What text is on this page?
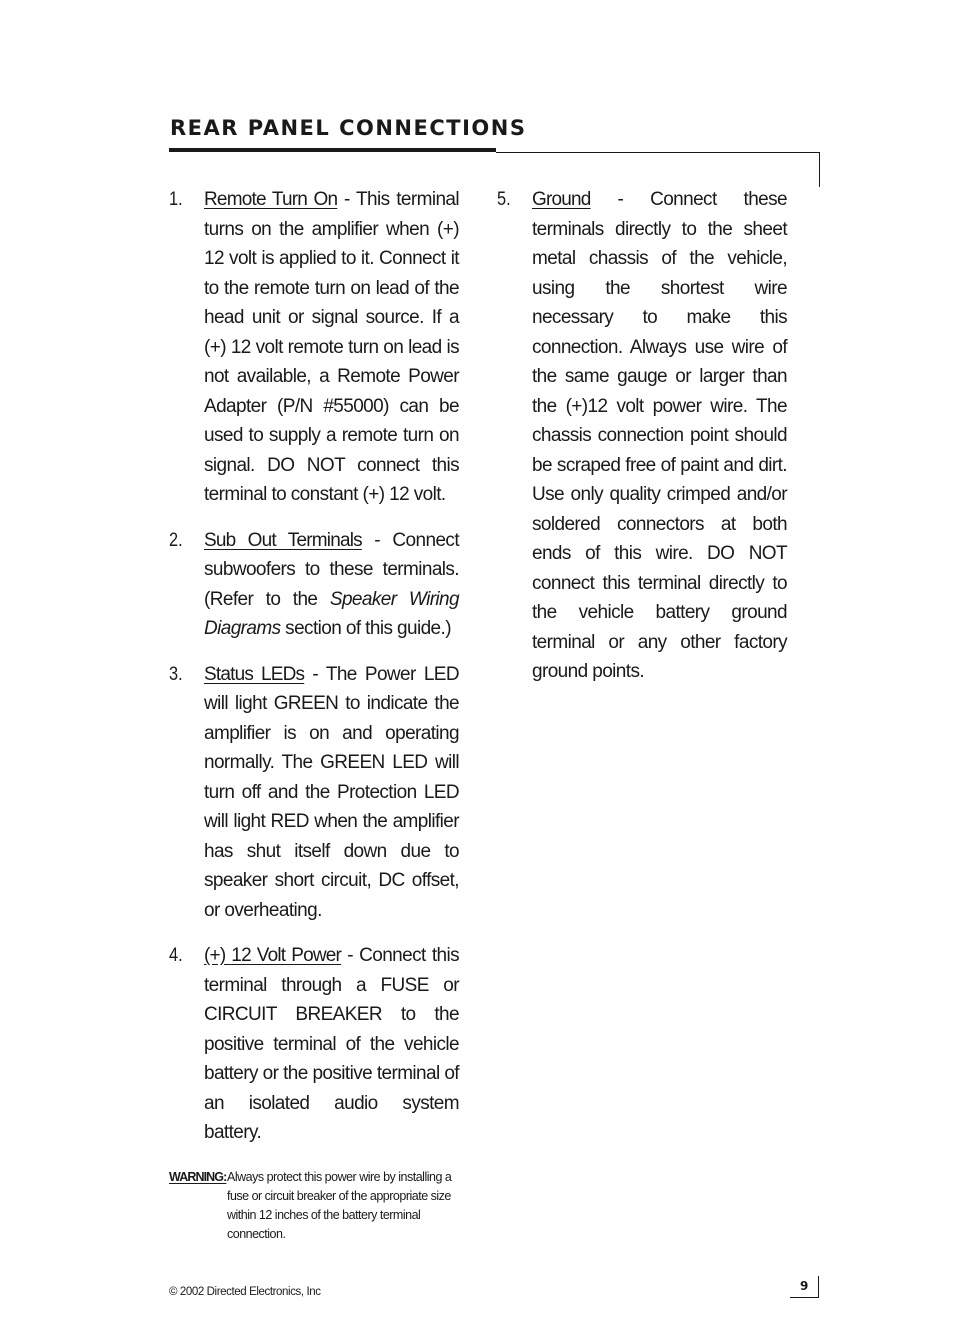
REAR PANEL CONNECTIONS
1.	Remote Turn On - This terminal turns on the amplifier when (+) 12 volt is applied to it. Connect it to the remote turn on lead of the head unit or signal source. If a (+) 12 volt remote turn on lead is not available, a Remote Power Adapter (P/N #55000) can be used to supply a remote turn on signal. DO NOT connect this terminal to constant (+) 12 volt.

2.	Sub Out Terminals - Connect subwoofers to these terminals. (Refer to the Speaker Wiring Diagrams section of this guide.)

3.	Status LEDs - The Power LED will light GREEN to indicate the amplifier is on and operating normally. The GREEN LED will turn off and the Protection LED will light RED when the amplifier has shut itself down due to speaker short circuit, DC offset, or overheating.

4.	(+) 12 Volt Power - Connect this terminal through a FUSE or CIRCUIT BREAKER to the positive terminal of the vehicle battery or the positive terminal of an isolated audio system battery.

WARNING: Always protect this power wire by installing a fuse or circuit breaker of the appropriate size within 12 inches of the battery terminal connection.
5.	Ground - Connect these terminals directly to the sheet metal chassis of the vehicle, using the shortest wire necessary to make this connection. Always use wire of the same gauge or larger than the (+)12 volt power wire. The chassis connection point should be scraped free of paint and dirt. Use only quality crimped and/or soldered connectors at both ends of this wire. DO NOT connect this terminal directly to the vehicle battery ground terminal or any other factory ground points.

© 2002 Directed Electronics, Inc	9
